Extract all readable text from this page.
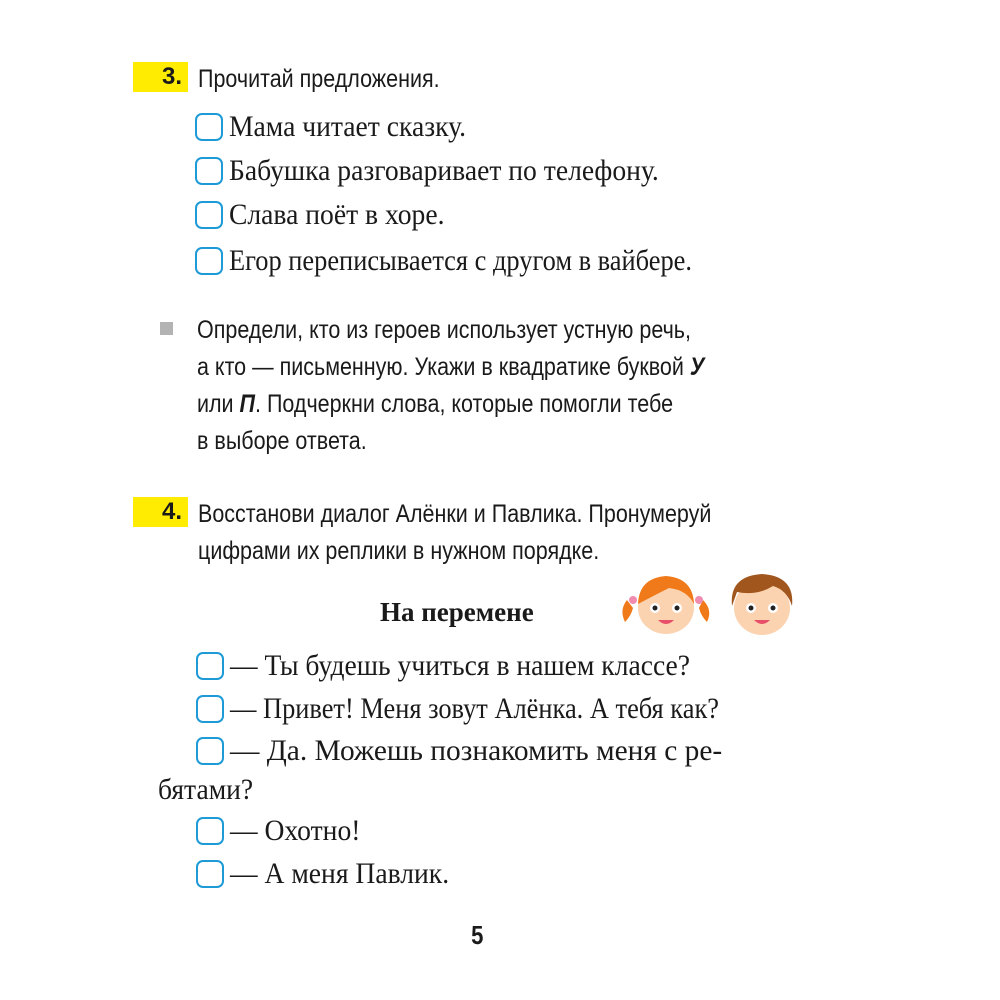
3. Прочитай предложения.
Мама читает сказку.
Бабушка разговаривает по телефону.
Слава поёт в хоре.
Егор переписывается с другом в вайбере.
Определи, кто из героев использует устную речь,
а кто — письменную. Укажи в квадратике буквой У
или П. Подчеркни слова, которые помогли тебе
в выборе ответа.
4. Восстанови диалог Алёнки и Павлика. Пронумеруй
цифрами их реплики в нужном порядке.
На перемене
— Ты будешь учиться в нашем классе?
— Привет! Меня зовут Алёнка. А тебя как?
— Да. Можешь познакомить меня с ре-
бятами?
— Охотно!
— А меня Павлик.
5
